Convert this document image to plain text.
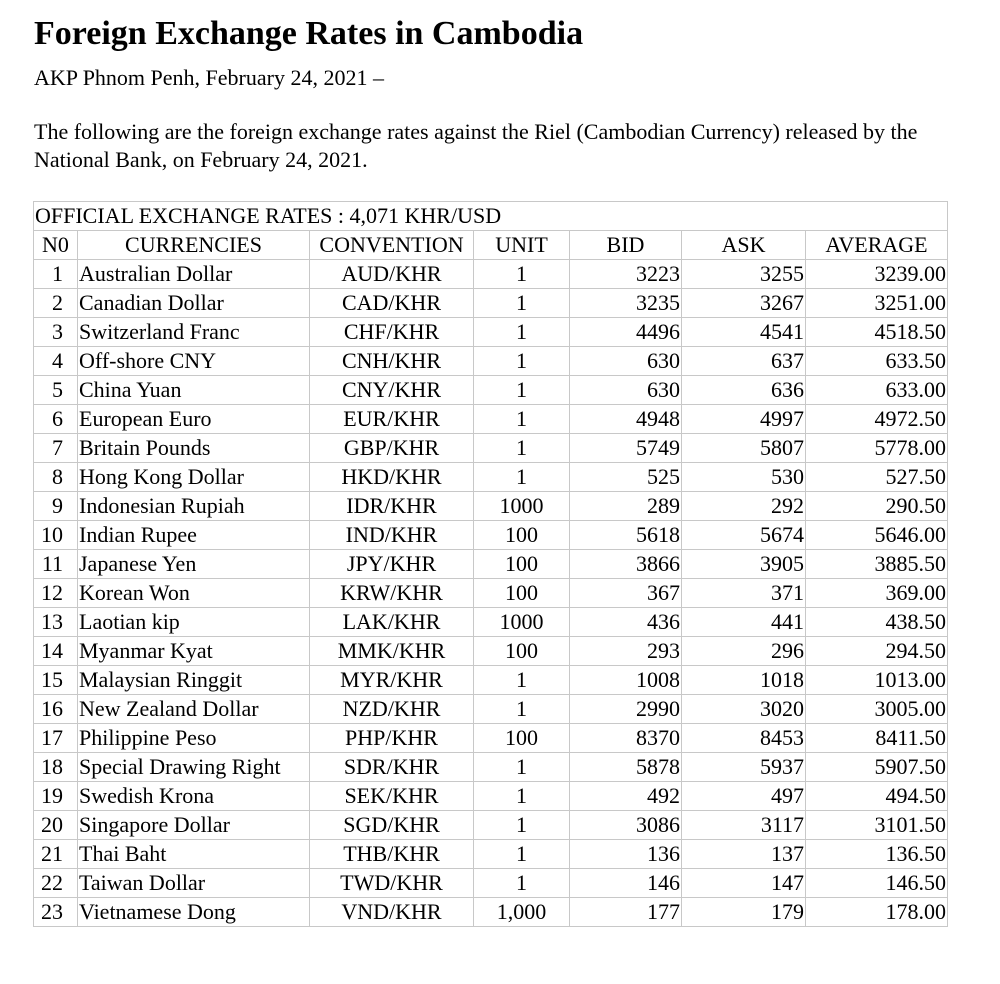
Foreign Exchange Rates in Cambodia
AKP Phnom Penh, February 24, 2021 –
The following are the foreign exchange rates against the Riel (Cambodian Currency) released by the National Bank, on February 24, 2021.
OFFICIAL EXCHANGE RATES : 4,071 KHR/USD						
N0	CURRENCIES	CONVENTION	UNIT	BID	ASK	AVERAGE
1	Australian Dollar	AUD/KHR	1	3223	3255	3239.00
2	Canadian Dollar	CAD/KHR	1	3235	3267	3251.00
3	Switzerland Franc	CHF/KHR	1	4496	4541	4518.50
4	Off-shore CNY	CNH/KHR	1	630	637	633.50
5	China Yuan	CNY/KHR	1	630	636	633.00
6	European Euro	EUR/KHR	1	4948	4997	4972.50
7	Britain Pounds	GBP/KHR	1	5749	5807	5778.00
8	Hong Kong Dollar	HKD/KHR	1	525	530	527.50
9	Indonesian Rupiah	IDR/KHR	1000	289	292	290.50
10	Indian Rupee	IND/KHR	100	5618	5674	5646.00
11	Japanese Yen	JPY/KHR	100	3866	3905	3885.50
12	Korean Won	KRW/KHR	100	367	371	369.00
13	Laotian kip	LAK/KHR	1000	436	441	438.50
14	Myanmar Kyat	MMK/KHR	100	293	296	294.50
15	Malaysian Ringgit	MYR/KHR	1	1008	1018	1013.00
16	New Zealand Dollar	NZD/KHR	1	2990	3020	3005.00
17	Philippine Peso	PHP/KHR	100	8370	8453	8411.50
18	Special Drawing Right	SDR/KHR	1	5878	5937	5907.50
19	Swedish Krona	SEK/KHR	1	492	497	494.50
20	Singapore Dollar	SGD/KHR	1	3086	3117	3101.50
21	Thai Baht	THB/KHR	1	136	137	136.50
22	Taiwan Dollar	TWD/KHR	1	146	147	146.50
23	Vietnamese Dong	VND/KHR	1,000	177	179	178.00
